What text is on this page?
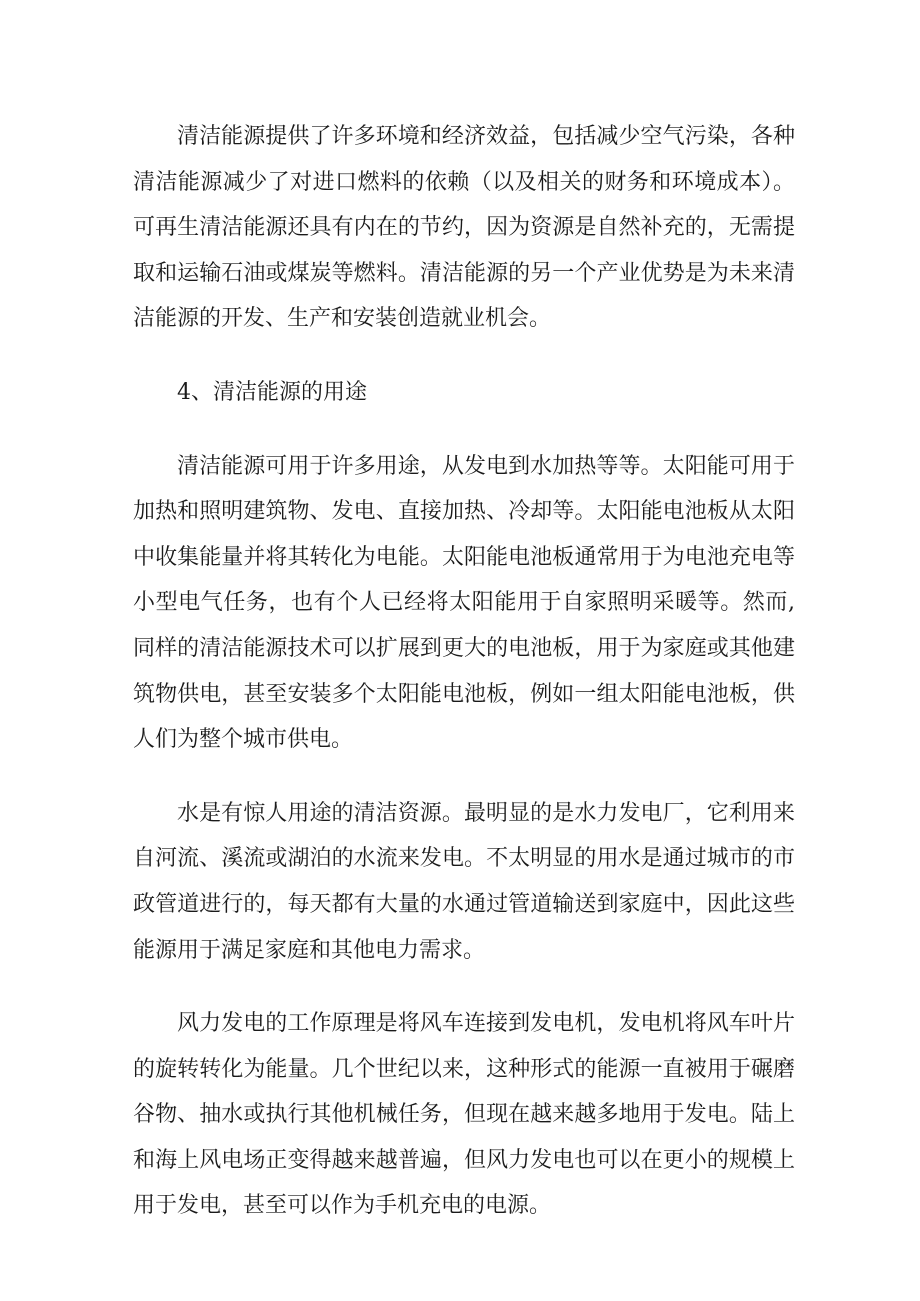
清洁能源提供了许多环境和经济效益，包括减少空气污染，各种清洁能源减少了对进口燃料的依赖（以及相关的财务和环境成本）。可再生清洁能源还具有内在的节约，因为资源是自然补充的，无需提取和运输石油或煤炭等燃料。清洁能源的另一个产业优势是为未来清洁能源的开发、生产和安装创造就业机会。

4、清洁能源的用途

清洁能源可用于许多用途，从发电到水加热等等。太阳能可用于加热和照明建筑物、发电、直接加热、冷却等。太阳能电池板从太阳中收集能量并将其转化为电能。太阳能电池板通常用于为电池充电等小型电气任务，也有个人已经将太阳能用于自家照明采暖等。然而,同样的清洁能源技术可以扩展到更大的电池板，用于为家庭或其他建筑物供电，甚至安装多个太阳能电池板，例如一组太阳能电池板，供人们为整个城市供电。

水是有惊人用途的清洁资源。最明显的是水力发电厂，它利用来自河流、溪流或湖泊的水流来发电。不太明显的用水是通过城市的市政管道进行的，每天都有大量的水通过管道输送到家庭中，因此这些能源用于满足家庭和其他电力需求。

风力发电的工作原理是将风车连接到发电机，发电机将风车叶片的旋转转化为能量。几个世纪以来，这种形式的能源一直被用于碾磨谷物、抽水或执行其他机械任务，但现在越来越多地用于发电。陆上和海上风电场正变得越来越普遍，但风力发电也可以在更小的规模上用于发电，甚至可以作为手机充电的电源。
